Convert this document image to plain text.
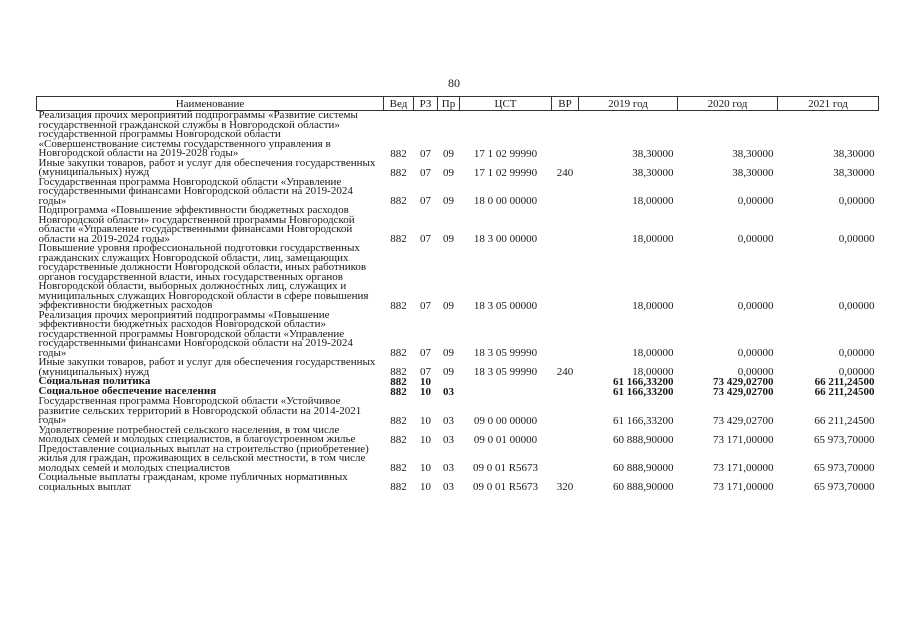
80
Наименование	Вед	РЗ	Пр	ЦСТ	ВР	2019 год	2020 год	2021 год
Реализация прочих мероприятий подпрограммы «Развитие системы государственной гражданской службы в Новгородской области» государственной программы Новгородской области «Совершенствование системы государственного управления в Новгородской области на 2019-2028 годы»	882	07	09	17 1 02 99990		38,30000	38,30000	38,30000
Иные закупки товаров, работ и услуг для обеспечения государственных (муниципальных) нужд	882	07	09	17 1 02 99990	240	38,30000	38,30000	38,30000
Государственная программа Новгородской области «Управление государственными финансами Новгородской области на 2019-2024 годы»	882	07	09	18 0 00 00000		18,00000	0,00000	0,00000
Подпрограмма «Повышение эффективности бюджетных расходов Новгородской области» государственной программы Новгородской области «Управление государственными финансами Новгородской области на 2019-2024 годы»	882	07	09	18 3 00 00000		18,00000	0,00000	0,00000
Повышение уровня профессиональной подготовки государственных гражданских служащих Новгородской области, лиц, замещающих государственные должности Новгородской области, иных работников органов государственной власти, иных государственных органов Новгородской области, выборных должностных лиц, служащих и муниципальных служащих Новгородской области в сфере повышения эффективности бюджетных расходов	882	07	09	18 3 05 00000		18,00000	0,00000	0,00000
Реализация прочих мероприятий подпрограммы «Повышение эффективности бюджетных расходов Новгородской области» государственной программы Новгородской области «Управление государственными финансами Новгородской области на 2019-2024 годы»	882	07	09	18 3 05 99990		18,00000	0,00000	0,00000
Иные закупки товаров, работ и услуг для обеспечения государственных (муниципальных) нужд	882	07	09	18 3 05 99990	240	18,00000	0,00000	0,00000
Социальная политика	882	10				61 166,33200	73 429,02700	66 211,24500
Социальное обеспечение населения	882	10	03			61 166,33200	73 429,02700	66 211,24500
Государственная программа Новгородской области «Устойчивое развитие сельских территорий в Новгородской области на 2014-2021 годы»	882	10	03	09 0 00 00000		61 166,33200	73 429,02700	66 211,24500
Удовлетворение потребностей сельского населения, в том числе молодых семей и молодых специалистов, в благоустроенном жилье	882	10	03	09 0 01 00000		60 888,90000	73 171,00000	65 973,70000
Предоставление социальных выплат на строительство (приобретение) жилья для граждан, проживающих в сельской местности, в том числе молодых семей и молодых специалистов	882	10	03	09 0 01 R5673		60 888,90000	73 171,00000	65 973,70000
Социальные выплаты гражданам, кроме публичных нормативных социальных выплат	882	10	03	09 0 01 R5673	320	60 888,90000	73 171,00000	65 973,70000
